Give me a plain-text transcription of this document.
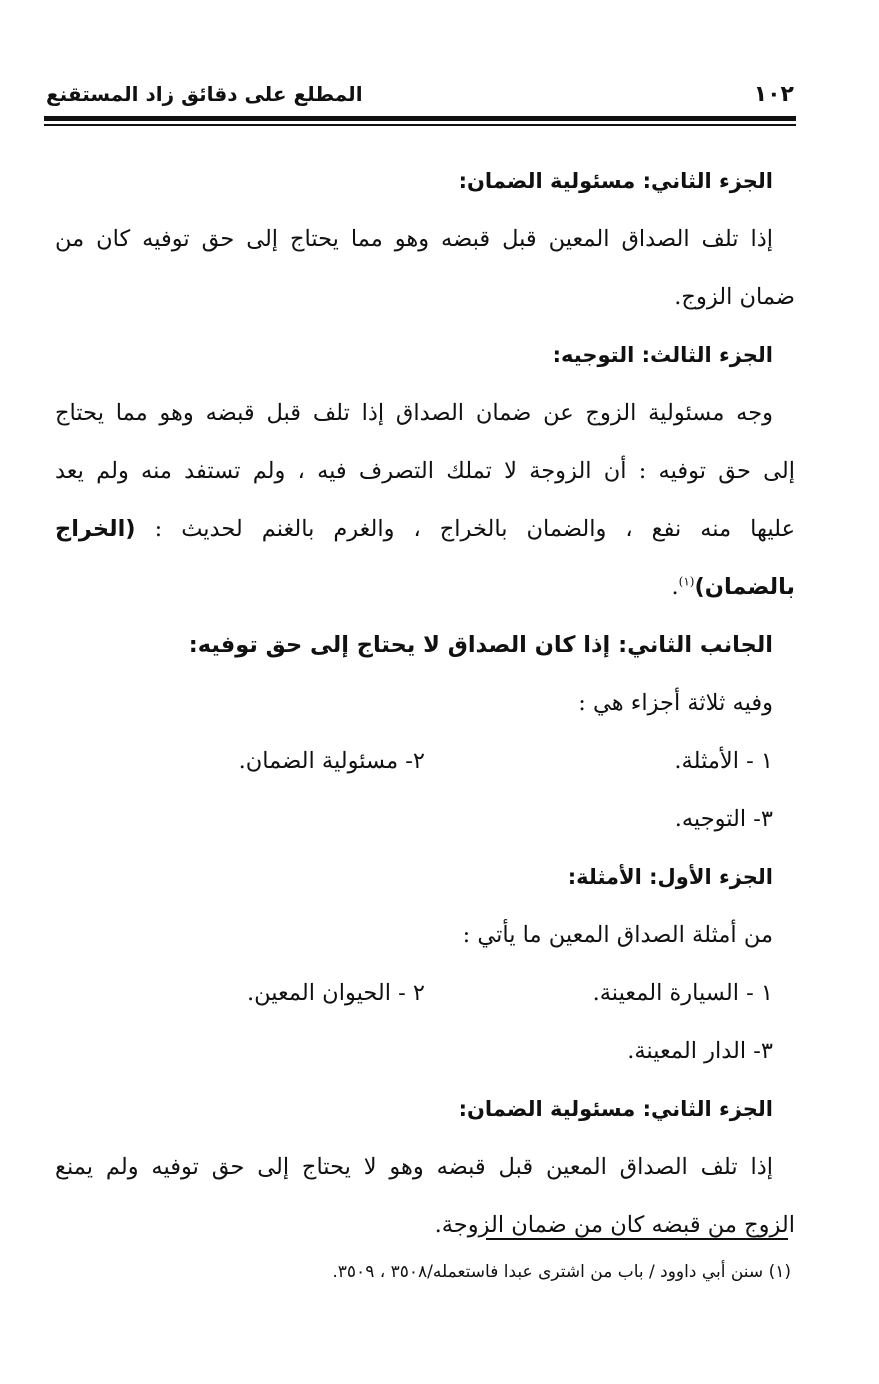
١٠٢
المطلع على دقائق زاد المستقنع
الجزء الثاني: مسئولية الضمان:
إذا تلف الصداق المعين قبل قبضه وهو مما يحتاج إلى حق توفيه كان من
ضمان الزوج.
الجزء الثالث: التوجيه:
وجه مسئولية الزوج عن ضمان الصداق إذا تلف قبل قبضه وهو مما يحتاج
إلى حق توفيه : أن الزوجة لا تملك التصرف فيه ، ولم تستفد منه ولم يعد
عليها منه نفع ، والضمان بالخراج ، والغرم بالغنم لحديث : (الخراج
بالضمان)$^{(١)}$.
الجانب الثاني: إذا كان الصداق لا يحتاج إلى حق توفيه:
وفيه ثلاثة أجزاء هي :
١ - الأمثلة.
٢- مسئولية الضمان.
٣- التوجيه.
الجزء الأول: الأمثلة:
من أمثلة الصداق المعين ما يأتي :
١ - السيارة المعينة.
٢ - الحيوان المعين.
٣- الدار المعينة.
الجزء الثاني: مسئولية الضمان:
إذا تلف الصداق المعين قبل قبضه وهو لا يحتاج إلى حق توفيه ولم يمنع
الزوج من قبضه كان من ضمان الزوجة.
(١) سنن أبي داوود / باب من اشترى عبدا فاستعمله/٣٥٠٨ ، ٣٥٠٩.
